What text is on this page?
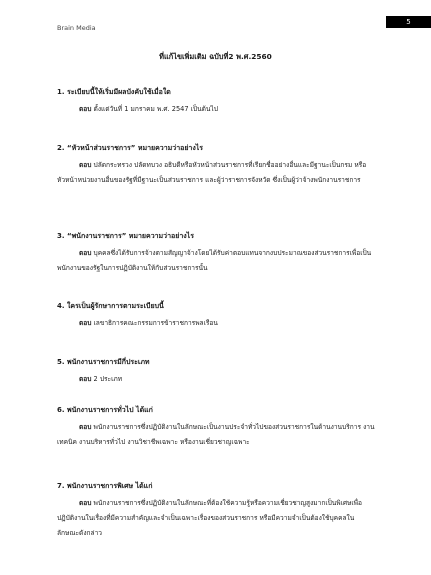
Brain Media
5
ที่แก้ไขเพิ่มเติม ฉบับที่2 พ.ศ.2560

1. ระเบียบนี้ให้เริ่มมีผลบังคับใช้เมื่อใด

ตอบ ตั้งแต่วันที่ 1 มกราคม พ.ศ. 2547 เป็นต้นไป

2. “หัวหน้าส่วนราชการ” หมายความว่าอย่างไร

ตอบ ปลัดกระทรวง ปลัดทบวง อธิบดีหรือหัวหน้าส่วนราชการที่เรียกชื่ออย่างอื่นและมีฐานะเป็นกรม หรือหัวหน้าหน่วยงานอื่นของรัฐที่มีฐานะเป็นส่วนราชการ และผู้ว่าราชการจังหวัด ซึ่งเป็นผู้ว่าจ้างพนักงานราชการ

3. “พนักงานราชการ” หมายความว่าอย่างไร

ตอบ บุคคลซึ่งได้รับการจ้างตามสัญญาจ้างโดยได้รับค่าตอบแทนจากงบประมาณของส่วนราชการเพื่อเป็นพนักงานของรัฐในการปฏิบัติงานให้กับส่วนราชการนั้น

4. ใครเป็นผู้รักษาการตามระเบียบนี้

ตอบ เลขาธิการคณะกรรมการข้าราชการพลเรือน

5. พนักงานราชการมีกี่ประเภท

ตอบ 2 ประเภท

6. พนักงานราชการทั่วไป ได้แก่

ตอบ พนักงานราชการซึ่งปฏิบัติงานในลักษณะเป็นงานประจำทั่วไปของส่วนราชการในด้านงานบริการ งานเทคนิค งานบริหารทั่วไป งานวิชาชีพเฉพาะ หรืองานเชี่ยวชาญเฉพาะ

7. พนักงานราชการพิเศษ ได้แก่

ตอบ พนักงานราชการซึ่งปฏิบัติงานในลักษณะที่ต้องใช้ความรู้หรือความเชี่ยวชาญสูงมากเป็นพิเศษเพื่อปฏิบัติงานในเรื่องที่มีความสำคัญและจำเป็นเฉพาะเรื่องของส่วนราชการ หรือมีความจำเป็นต้องใช้บุคคลในลักษณะดังกล่าว
